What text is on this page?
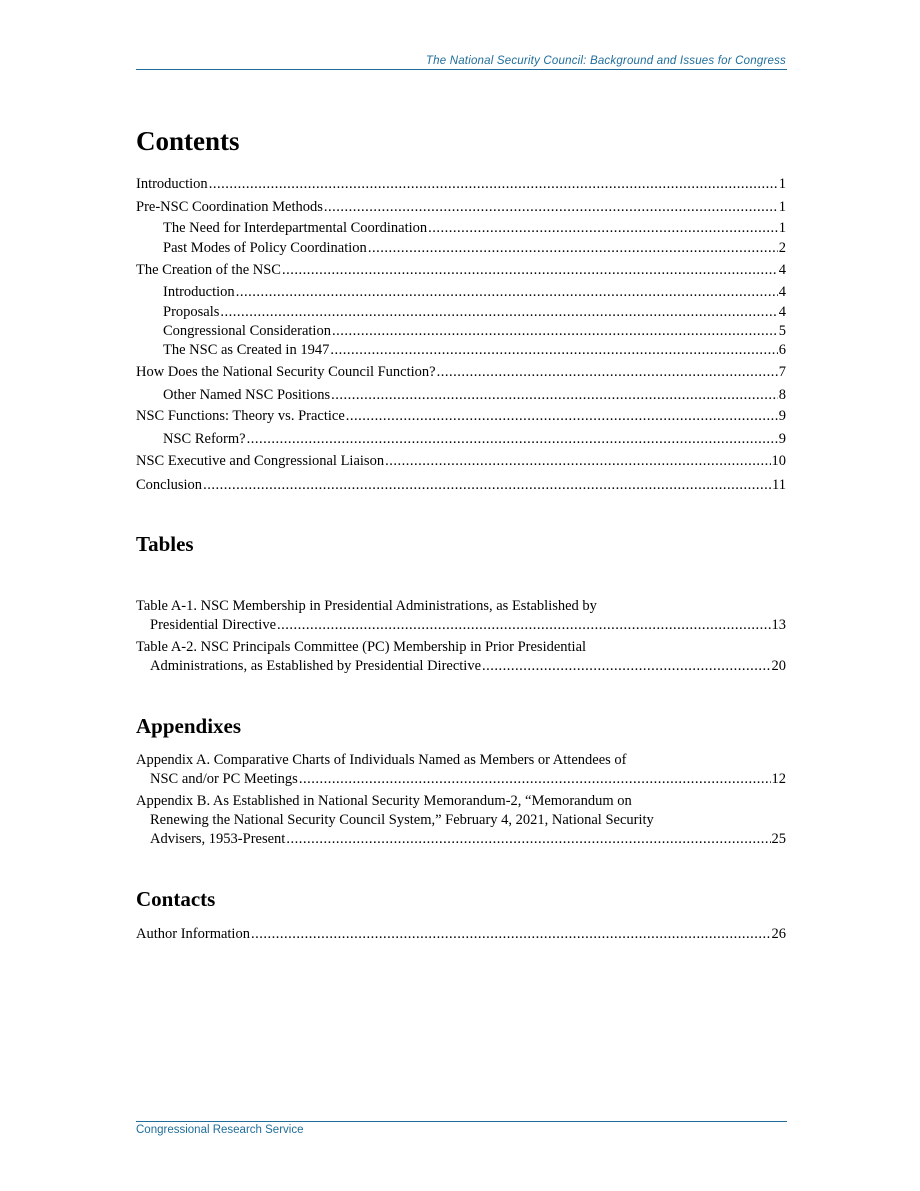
The National Security Council: Background and Issues for Congress
Contents
Introduction .....	1
Pre-NSC Coordination Methods .....	1
The Need for Interdepartmental Coordination .....	1
Past Modes of Policy Coordination .....	2
The Creation of the NSC .....	4
Introduction .....	4
Proposals .....	4
Congressional Consideration .....	5
The NSC as Created in 1947 .....	6
How Does the National Security Council Function? .....	7
Other Named NSC Positions .....	8
NSC Functions: Theory vs. Practice .....	9
NSC Reform? .....	9
NSC Executive and Congressional Liaison .....	10
Conclusion .....	11
Tables
Table A-1. NSC Membership in Presidential Administrations, as Established by
Presidential Directive .....	13
Table A-2. NSC Principals Committee (PC) Membership in Prior Presidential
Administrations, as Established by Presidential Directive .....	20
Appendixes
Appendix A. Comparative Charts of Individuals Named as Members or Attendees of
NSC and/or PC Meetings .....	12
Appendix B. As Established in National Security Memorandum-2, “Memorandum on
Renewing the National Security Council System,” February 4, 2021, National Security
Advisers, 1953-Present .....	25
Contacts
Author Information .....	26
Congressional Research Service
